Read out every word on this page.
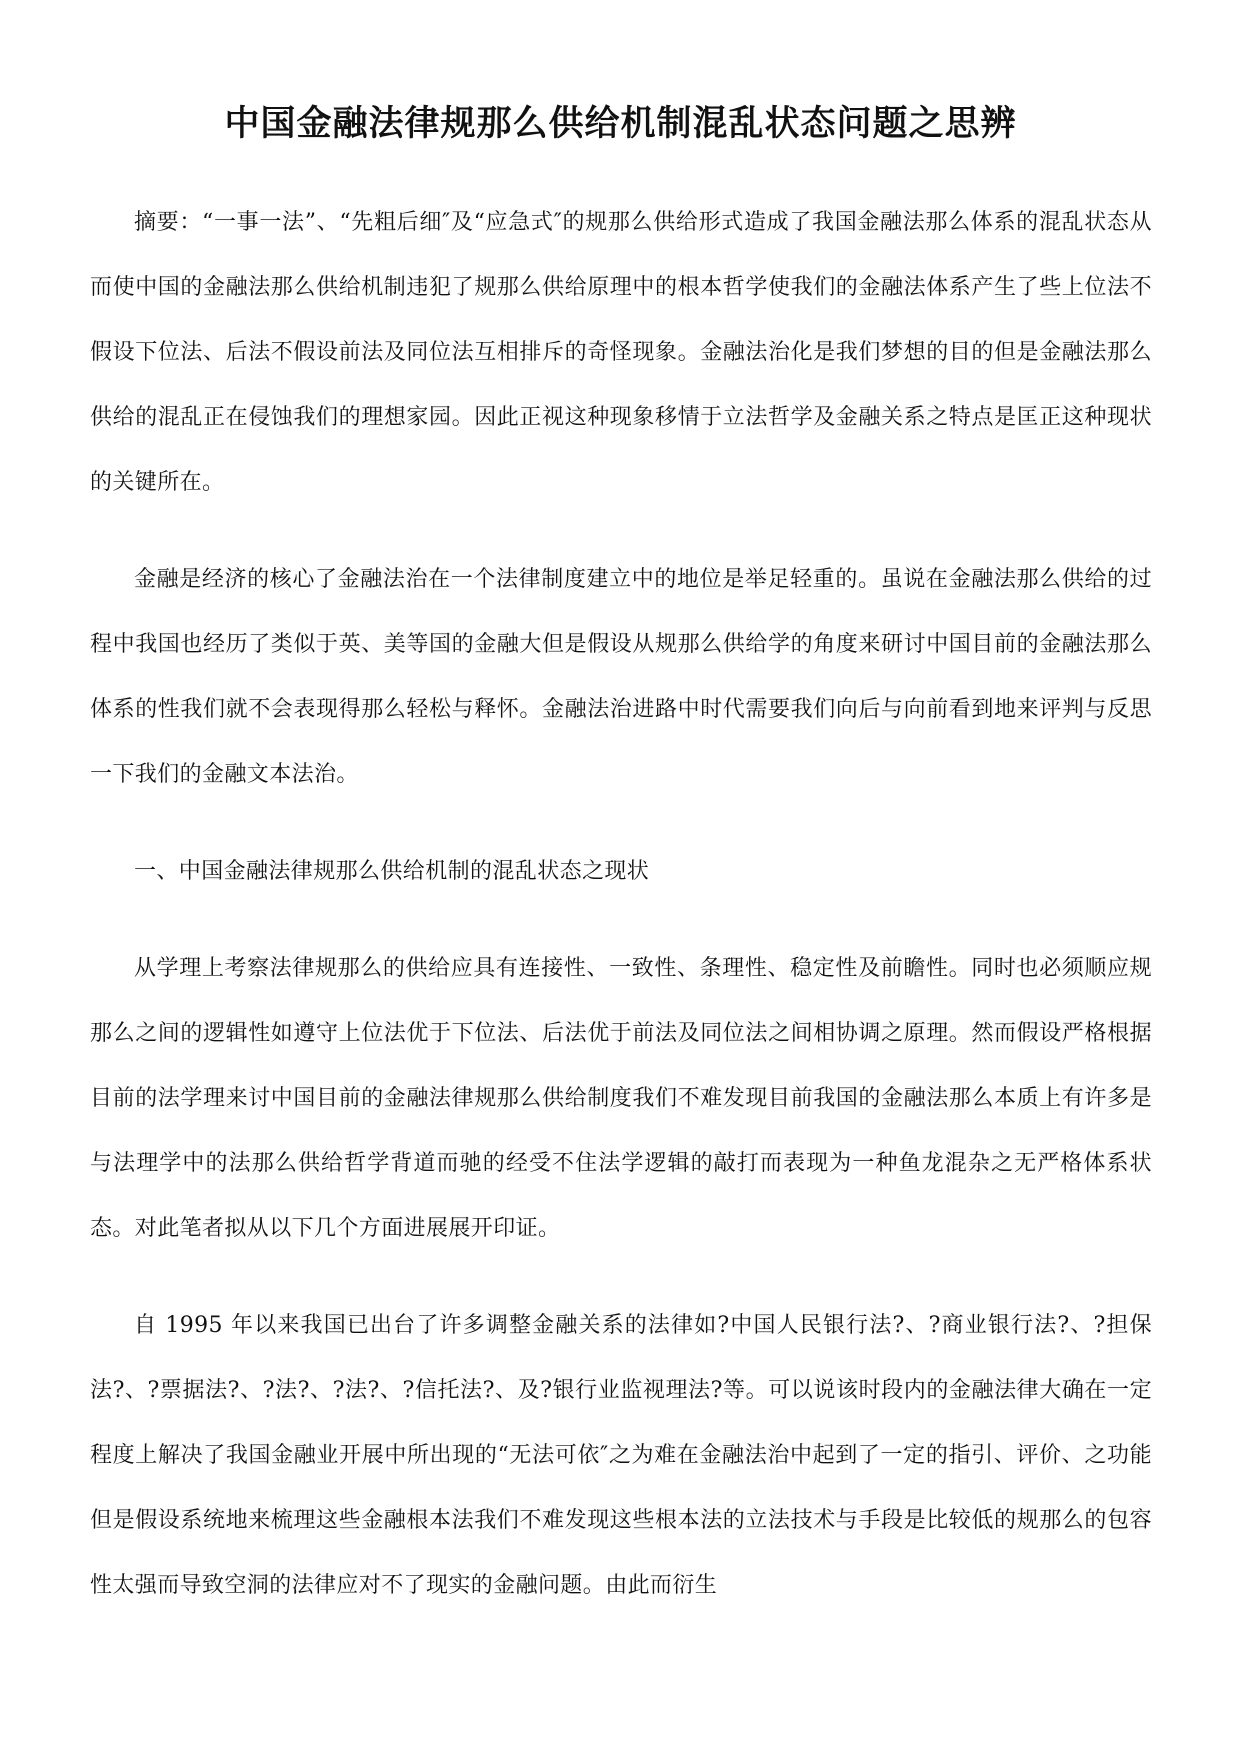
中国金融法律规那么供给机制混乱状态问题之思辨

摘要：“一事一法”、“先粗后细″及“应急式″的规那么供给形式造成了我国金融法那么体系的混乱状态从而使中国的金融法那么供给机制违犯了规那么供给原理中的根本哲学使我们的金融法体系产生了些上位法不假设下位法、后法不假设前法及同位法互相排斥的奇怪现象。金融法治化是我们梦想的目的但是金融法那么供给的混乱正在侵蚀我们的理想家园。因此正视这种现象移情于立法哲学及金融关系之特点是匡正这种现状的关键所在。

金融是经济的核心了金融法治在一个法律制度建立中的地位是举足轻重的。虽说在金融法那么供给的过程中我国也经历了类似于英、美等国的金融大但是假设从规那么供给学的角度来研讨中国目前的金融法那么体系的性我们就不会表现得那么轻松与释怀。金融法治进路中时代需要我们向后与向前看到地来评判与反思一下我们的金融文本法治。

一、中国金融法律规那么供给机制的混乱状态之现状

从学理上考察法律规那么的供给应具有连接性、一致性、条理性、稳定性及前瞻性。同时也必须顺应规那么之间的逻辑性如遵守上位法优于下位法、后法优于前法及同位法之间相协调之原理。然而假设严格根据目前的法学理来讨中国目前的金融法律规那么供给制度我们不难发现目前我国的金融法那么本质上有许多是与法理学中的法那么供给哲学背道而驰的经受不住法学逻辑的敲打而表现为一种鱼龙混杂之无严格体系状态。对此笔者拟从以下几个方面进展展开印证。

自 1995 年以来我国已出台了许多调整金融关系的法律如?中国人民银行法?、?商业银行法?、?担保法?、?票据法?、?法?、?法?、?信托法?、及?银行业监视理法?等。可以说该时段内的金融法律大确在一定程度上解决了我国金融业开展中所出现的“无法可依″之为难在金融法治中起到了一定的指引、评价、之功能但是假设系统地来梳理这些金融根本法我们不难发现这些根本法的立法技术与手段是比较低的规那么的包容性太强而导致空洞的法律应对不了现实的金融问题。由此而衍生
